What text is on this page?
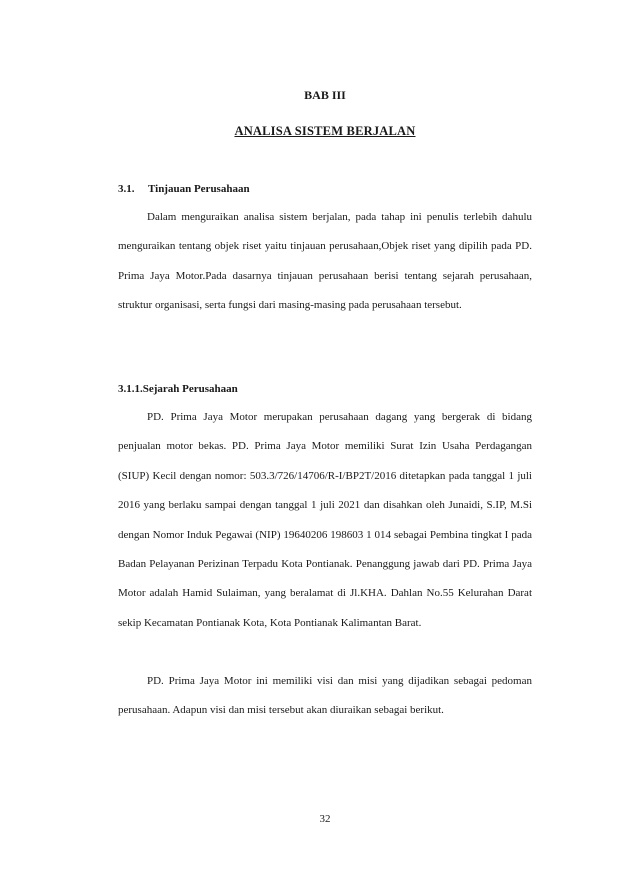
BAB III
ANALISA SISTEM BERJALAN
3.1. Tinjauan Perusahaan

Dalam menguraikan analisa sistem berjalan, pada tahap ini penulis terlebih dahulu menguraikan tentang objek riset yaitu tinjauan perusahaan,Objek riset yang dipilih pada PD. Prima Jaya Motor.Pada dasarnya tinjauan perusahaan berisi tentang sejarah perusahaan, struktur organisasi, serta fungsi dari masing-masing pada perusahaan tersebut.

3.1.1.Sejarah Perusahaan

PD. Prima Jaya Motor merupakan perusahaan dagang yang bergerak di bidang penjualan motor bekas. PD. Prima Jaya Motor memiliki Surat Izin Usaha Perdagangan (SIUP) Kecil dengan nomor: 503.3/726/14706/R-I/BP2T/2016 ditetapkan pada tanggal 1 juli 2016 yang berlaku sampai dengan tanggal 1 juli 2021 dan disahkan oleh Junaidi, S.IP, M.Si dengan Nomor Induk Pegawai (NIP) 19640206 198603 1 014 sebagai Pembina tingkat I pada Badan Pelayanan Perizinan Terpadu Kota Pontianak. Penanggung jawab dari PD. Prima Jaya Motor adalah Hamid Sulaiman, yang beralamat di Jl.KHA. Dahlan No.55 Kelurahan Darat sekip Kecamatan Pontianak Kota, Kota Pontianak Kalimantan Barat.

PD. Prima Jaya Motor ini memiliki visi dan misi yang dijadikan sebagai pedoman perusahaan. Adapun visi dan misi tersebut akan diuraikan sebagai berikut.

32
